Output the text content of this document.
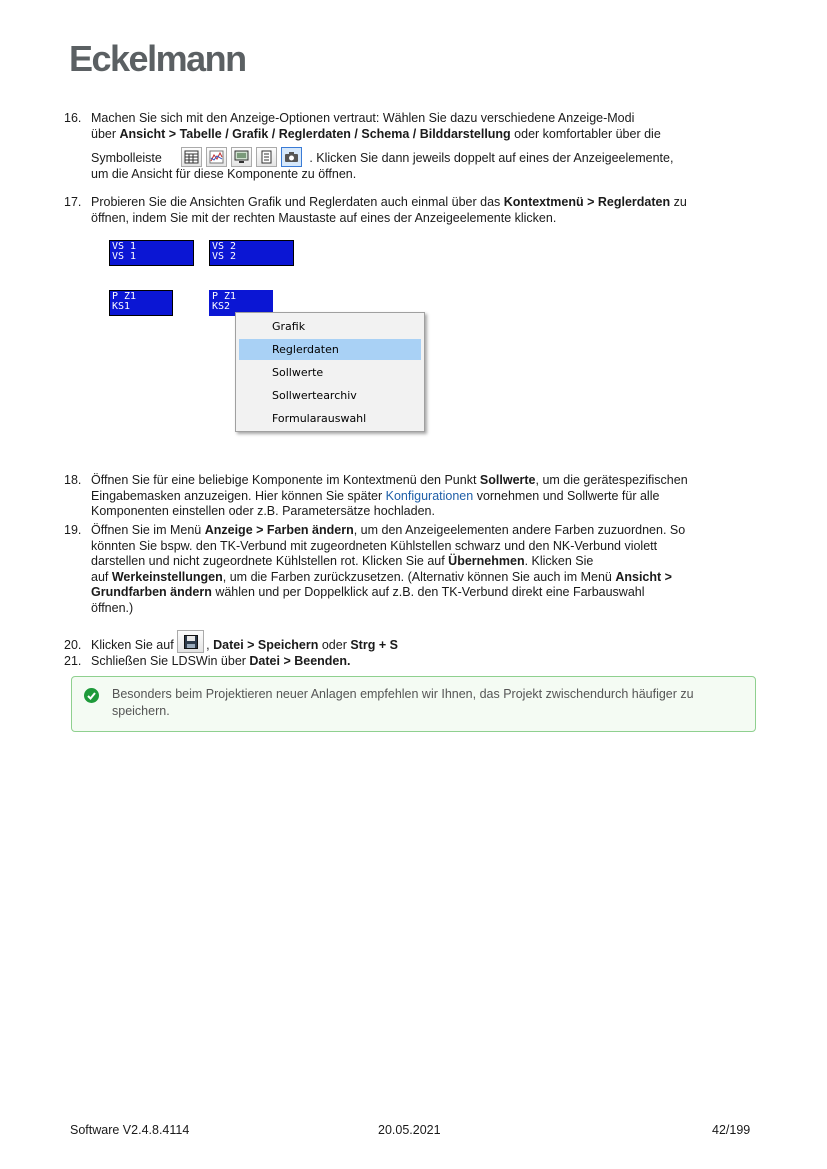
Eckelmann
16. Machen Sie sich mit den Anzeige-Optionen vertraut: Wählen Sie dazu verschiedene Anzeige-Modi
über Ansicht > Tabelle / Grafik / Reglerdaten / Schema / Bilddarstellung oder komfortabler über die
Symbolleiste	. Klicken Sie dann jeweils doppelt auf eines der Anzeigeelemente,
um die Ansicht für diese Komponente zu öffnen.
17. Probieren Sie die Ansichten Grafik und Reglerdaten auch einmal über das Kontextmenü > Reglerdaten zu
öffnen, indem Sie mit der rechten Maustaste auf eines der Anzeigeelemente klicken.
VS 1
VS 1
VS 2
VS 2
P Z1
KS1
P Z1
KS2
Grafik
Reglerdaten
Sollwerte
Sollwertearchiv
Formularauswahl
18. Öffnen Sie für eine beliebige Komponente im Kontextmenü den Punkt Sollwerte, um die gerätespezifischen
Eingabemasken anzuzeigen. Hier können Sie später Konfigurationen vornehmen und Sollwerte für alle
Komponenten einstellen oder z.B. Parametersätze hochladen.
19. Öffnen Sie im Menü Anzeige > Farben ändern, um den Anzeigeelementen andere Farben zuzuordnen. So
könnten Sie bspw. den TK-Verbund mit zugeordneten Kühlstellen schwarz und den NK-Verbund violett
darstellen und nicht zugeordnete Kühlstellen rot. Klicken Sie auf Übernehmen. Klicken Sie
auf Werkeinstellungen, um die Farben zurückzusetzen. (Alternativ können Sie auch im Menü Ansicht >
Grundfarben ändern wählen und per Doppelklick auf z.B. den TK-Verbund direkt eine Farbauswahl
öffnen.)
20. Klicken Sie auf
, Datei > Speichern oder Strg + S
21. Schließen Sie LDSWin über Datei > Beenden.
Besonders beim Projektieren neuer Anlagen empfehlen wir Ihnen, das Projekt zwischendurch häufiger zu speichern.
Software V2.4.8.4114	20.05.2021	42/199
